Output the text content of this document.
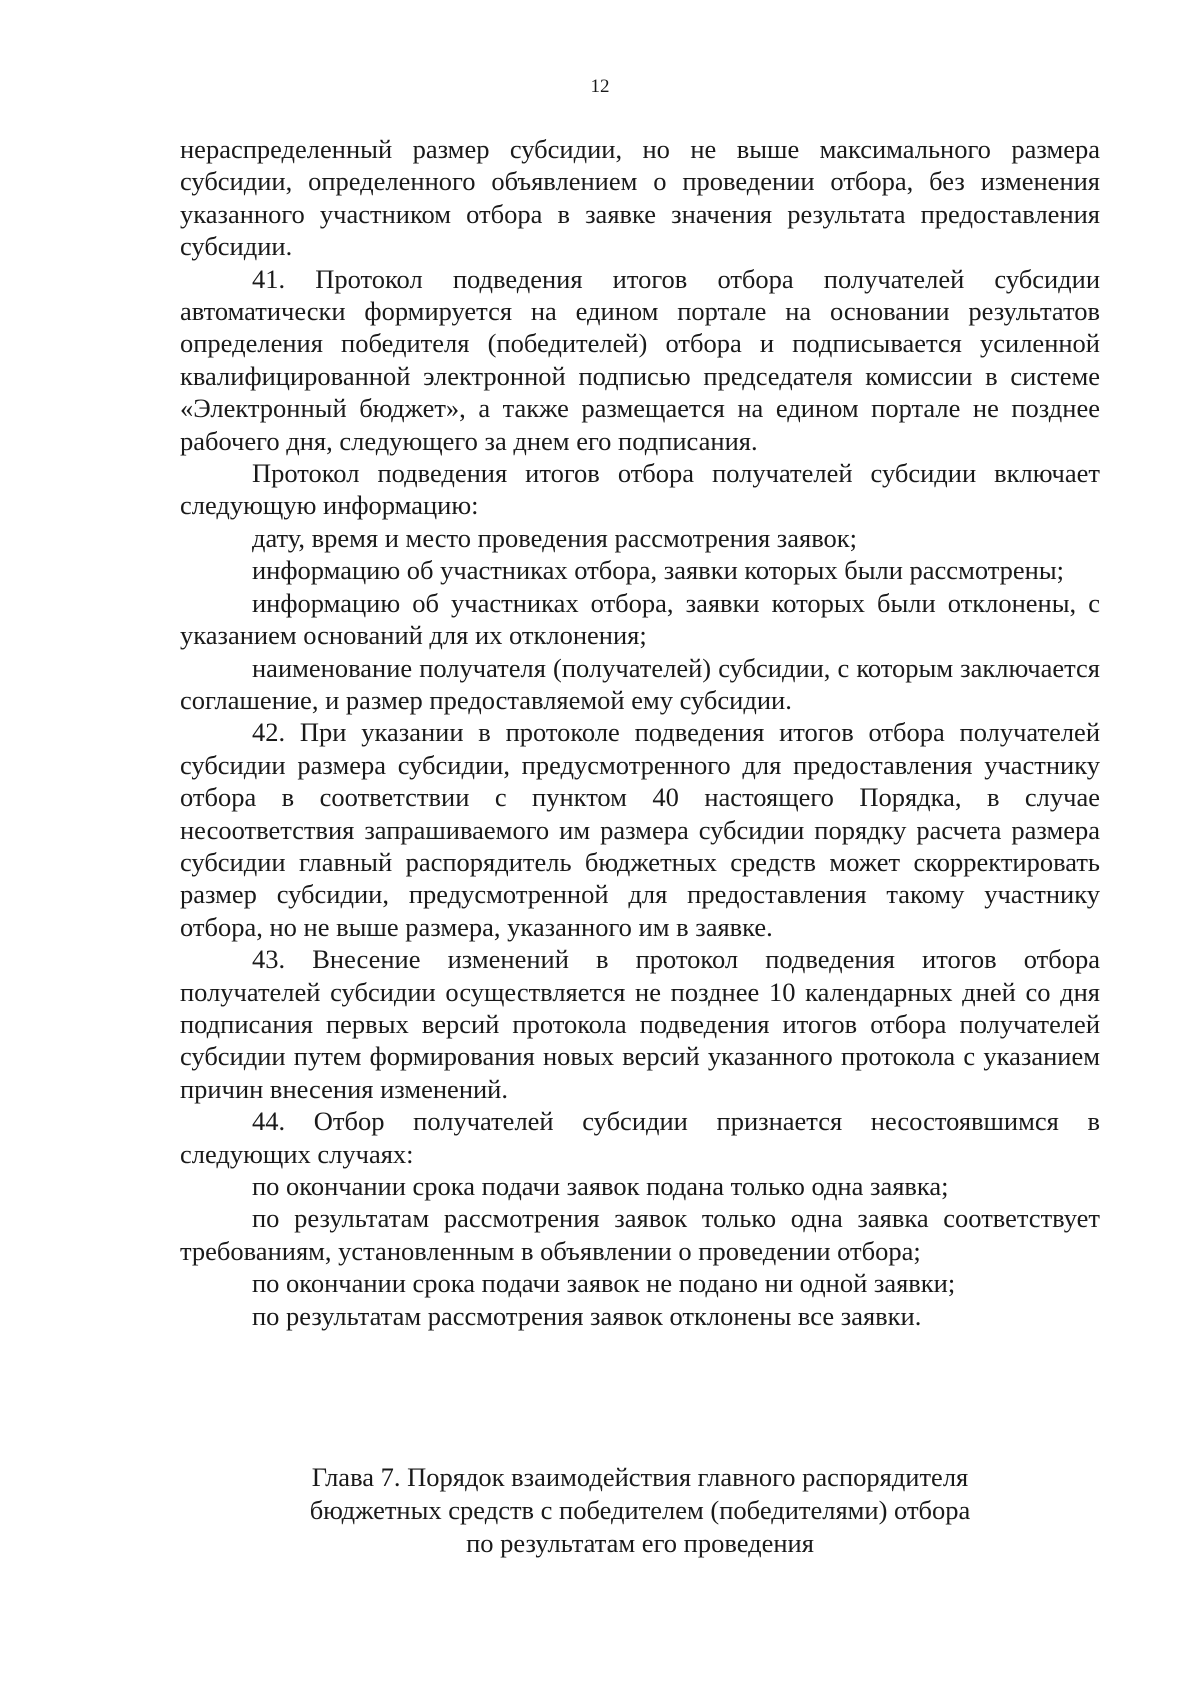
12

нераспределенный размер субсидии, но не выше максимального размера субсидии, определенного объявлением о проведении отбора, без изменения указанного участником отбора в заявке значения результата предоставления субсидии.

41. Протокол подведения итогов отбора получателей субсидии автоматически формируется на едином портале на основании результатов определения победителя (победителей) отбора и подписывается усиленной квалифицированной электронной подписью председателя комиссии в системе «Электронный бюджет», а также размещается на едином портале не позднее рабочего дня, следующего за днем его подписания.

Протокол подведения итогов отбора получателей субсидии включает следующую информацию:

дату, время и место проведения рассмотрения заявок;

информацию об участниках отбора, заявки которых были рассмотрены;

информацию об участниках отбора, заявки которых были отклонены, с указанием оснований для их отклонения;

наименование получателя (получателей) субсидии, с которым заключается соглашение, и размер предоставляемой ему субсидии.

42. При указании в протоколе подведения итогов отбора получателей субсидии размера субсидии, предусмотренного для предоставления участнику отбора в соответствии с пунктом 40 настоящего Порядка, в случае несоответствия запрашиваемого им размера субсидии порядку расчета размера субсидии главный распорядитель бюджетных средств может скорректировать размер субсидии, предусмотренной для предоставления такому участнику отбора, но не выше размера, указанного им в заявке.

43. Внесение изменений в протокол подведения итогов отбора получателей субсидии осуществляется не позднее 10 календарных дней со дня подписания первых версий протокола подведения итогов отбора получателей субсидии путем формирования новых версий указанного протокола с указанием причин внесения изменений.

44. Отбор получателей субсидии признается несостоявшимся в следующих случаях:

по окончании срока подачи заявок подана только одна заявка;

по результатам рассмотрения заявок только одна заявка соответствует требованиям, установленным в объявлении о проведении отбора;

по окончании срока подачи заявок не подано ни одной заявки;

по результатам рассмотрения заявок отклонены все заявки.

Глава 7. Порядок взаимодействия главного распорядителя
бюджетных средств с победителем (победителями) отбора
по результатам его проведения
